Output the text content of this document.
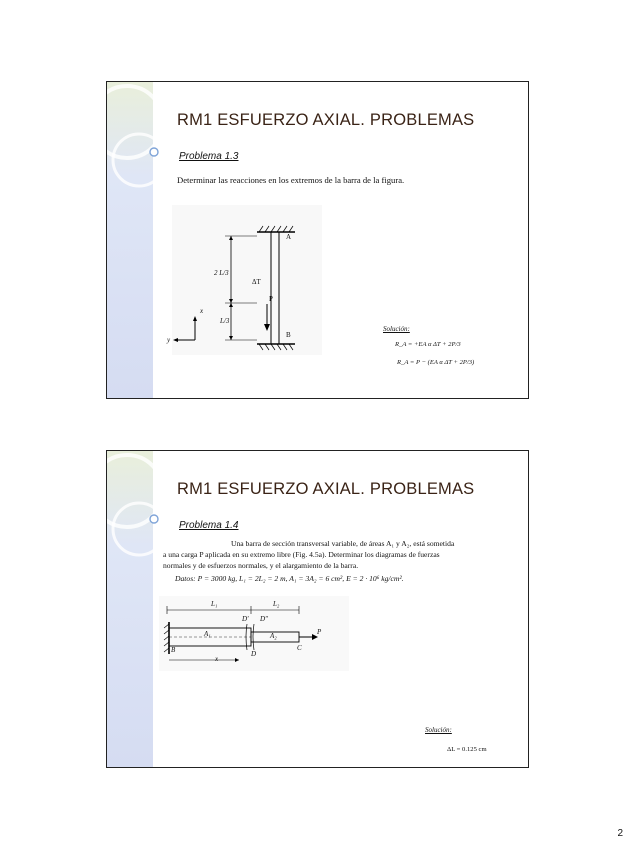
RM1 ESFUERZO AXIAL. PROBLEMAS
Problema 1.3
Determinar las reacciones en los extremos de la barra de la figura.
A
B
P
ΔT
2 L/3
L/3
x
y
Solución:
R_A = +EA α ΔT + 2P/3
R_A = P − (EA α ΔT + 2P/3)
RM1 ESFUERZO AXIAL. PROBLEMAS
Problema 1.4
Una barra de sección transversal variable, de áreas A₁ y A₂, está sometida
a una carga P aplicada en su extremo libre (Fig. 4.5a). Determinar los diagramas de fuerzas
normales y de esfuerzos normales, y el alargamiento de la barra.
Datos: P = 3000 kg, L₁ = 2L₂ = 2 m, A₁ = 3A₂ = 6 cm², E = 2 · 10⁶ kg/cm².
L₁	L₂
D' D''
A₁	A₂	P
B	D
C
x
Solución:
ΔL = 0.125 cm
2
